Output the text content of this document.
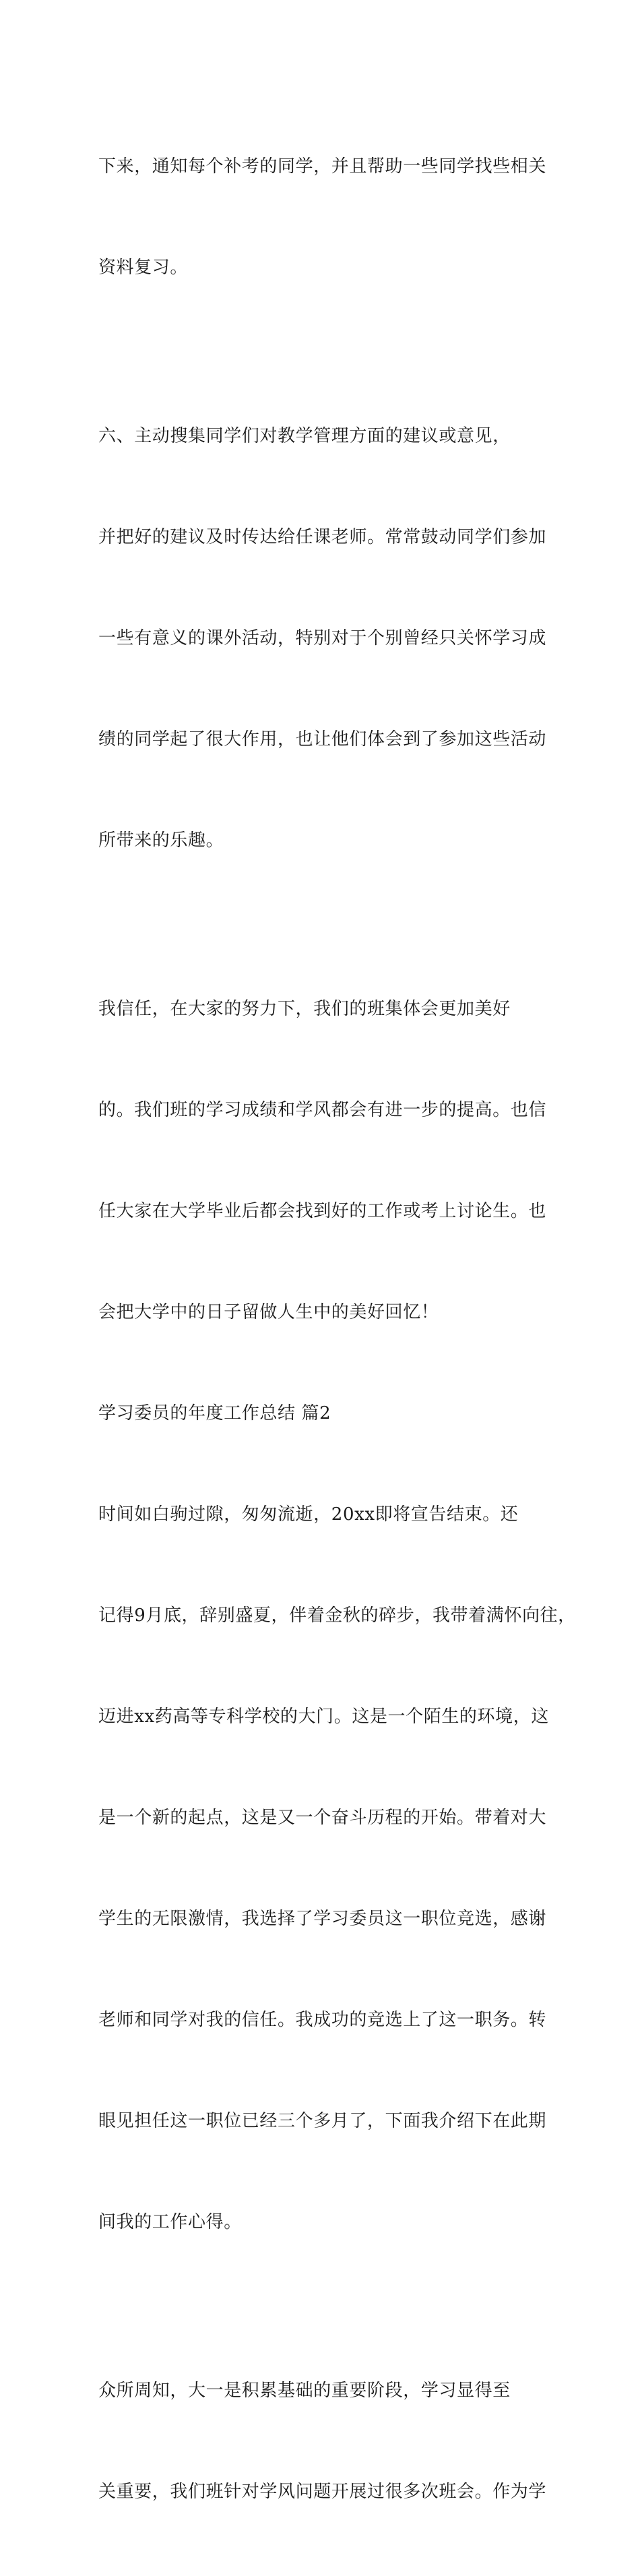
下来，通知每个补考的同学，并且帮助一些同学找些相关

资料复习。

六、主动搜集同学们对教学管理方面的建议或意见，

并把好的建议及时传达给任课老师。常常鼓动同学们参加

一些有意义的课外活动，特别对于个别曾经只关怀学习成

绩的同学起了很大作用，也让他们体会到了参加这些活动

所带来的乐趣。

我信任，在大家的努力下，我们的班集体会更加美好

的。我们班的学习成绩和学风都会有进一步的提高。也信

任大家在大学毕业后都会找到好的工作或考上讨论生。也

会把大学中的日子留做人生中的美好回忆！

学习委员的年度工作总结 篇2

时间如白驹过隙，匆匆流逝，20xx即将宣告结束。还

记得9月底，辞别盛夏，伴着金秋的碎步，我带着满怀向往，

迈进xx药高等专科学校的大门。这是一个陌生的环境，这

是一个新的起点，这是又一个奋斗历程的开始。带着对大

学生的无限激情，我选择了学习委员这一职位竞选，感谢

老师和同学对我的信任。我成功的竞选上了这一职务。转

眼见担任这一职位已经三个多月了，下面我介绍下在此期

间我的工作心得。

众所周知，大一是积累基础的重要阶段，学习显得至

关重要，我们班针对学风问题开展过很多次班会。作为学
